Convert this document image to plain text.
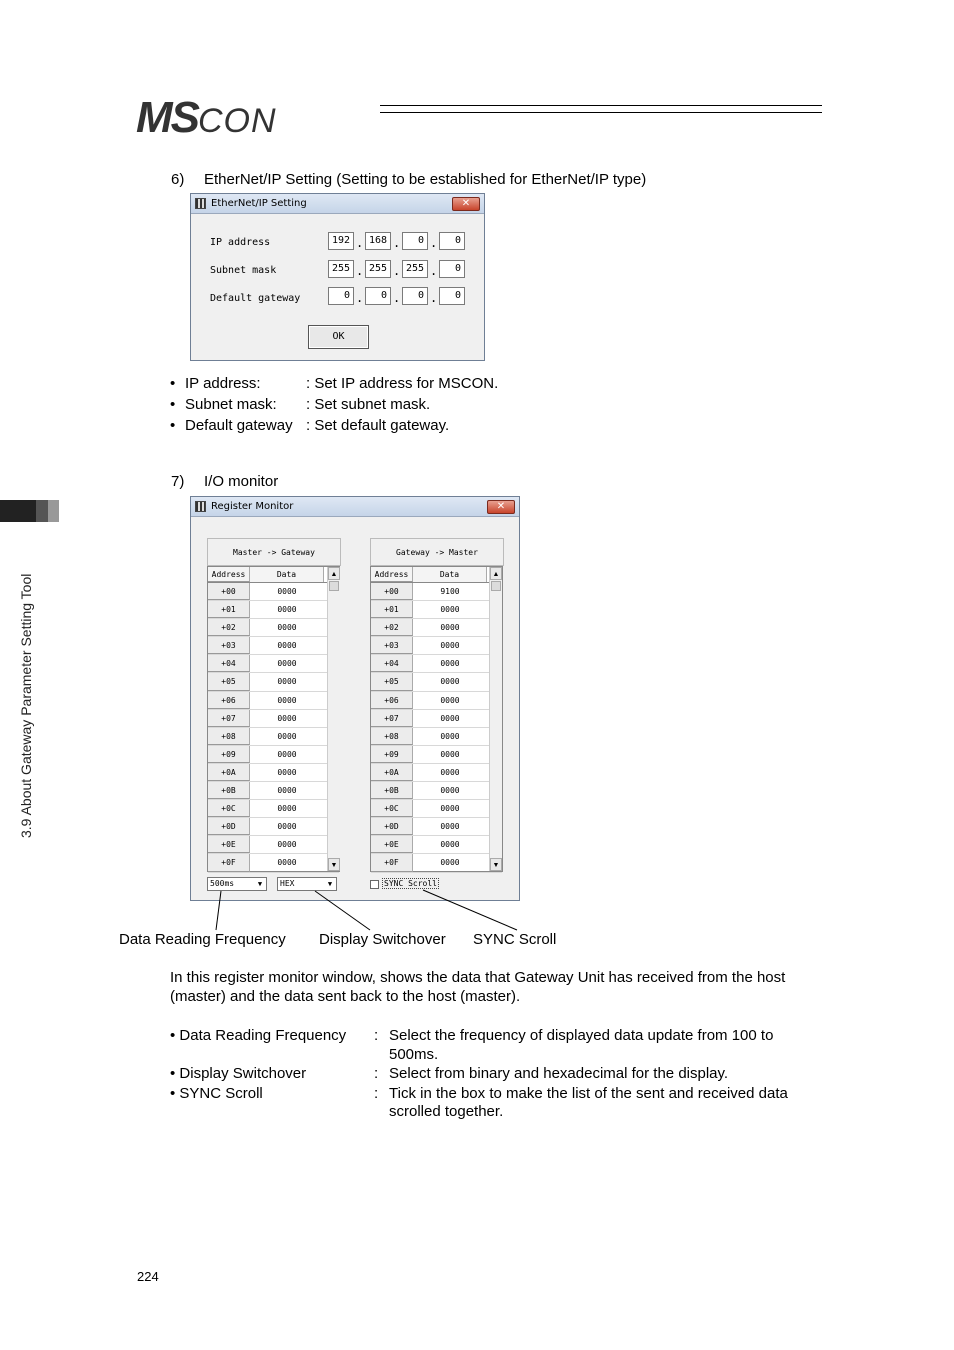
MSCON
3.9 About Gateway Parameter Setting Tool
6) EtherNet/IP Setting (Setting to be established for EtherNet/IP type)
EtherNet/IP Setting	✕
IP address	192 . 168 .	0 .	0
Subnet mask	255 . 255 . 255 .	0
Default gateway	0 .	0 .	0 .	0
OK
• IP address:	: Set IP address for MSCON.
• Subnet mask: : Set subnet mask.
• Default gateway : Set default gateway.
7) I/O monitor
Register Monitor	✕
Master -> Gateway
Address	Data
+00	0000
+01	0000
+02	0000
+03	0000
+04	0000
+05	0000
+06	0000
+07	0000
+08	0000
+09	0000
+0A	0000
+0B	0000
+0C	0000
+0D	0000
+0E	0000
+0F	0000
▲
▼
Gateway -> Master
Address	Data
+00	9100
+01	0000
+02	0000
+03	0000
+04	0000
+05	0000
+06	0000
+07	0000
+08	0000
+09	0000
+0A	0000
+0B	0000
+0C	0000
+0D	0000
+0E	0000
+0F	0000
▲
▼
500ms	▼	HEX	▼	SYNC Scroll
Data Reading Frequency Display Switchover SYNC Scroll
In this register monitor window, shows the data that Gateway Unit has received from the host
(master) and the data sent back to the host (master).
• Data Reading Frequency : Select the frequency of displayed data update from 100 to
500ms.
• Display Switchover	: Select from binary and hexadecimal for the display.
• SYNC Scroll	: Tick in the box to make the list of the sent and received data
scrolled together.
224
